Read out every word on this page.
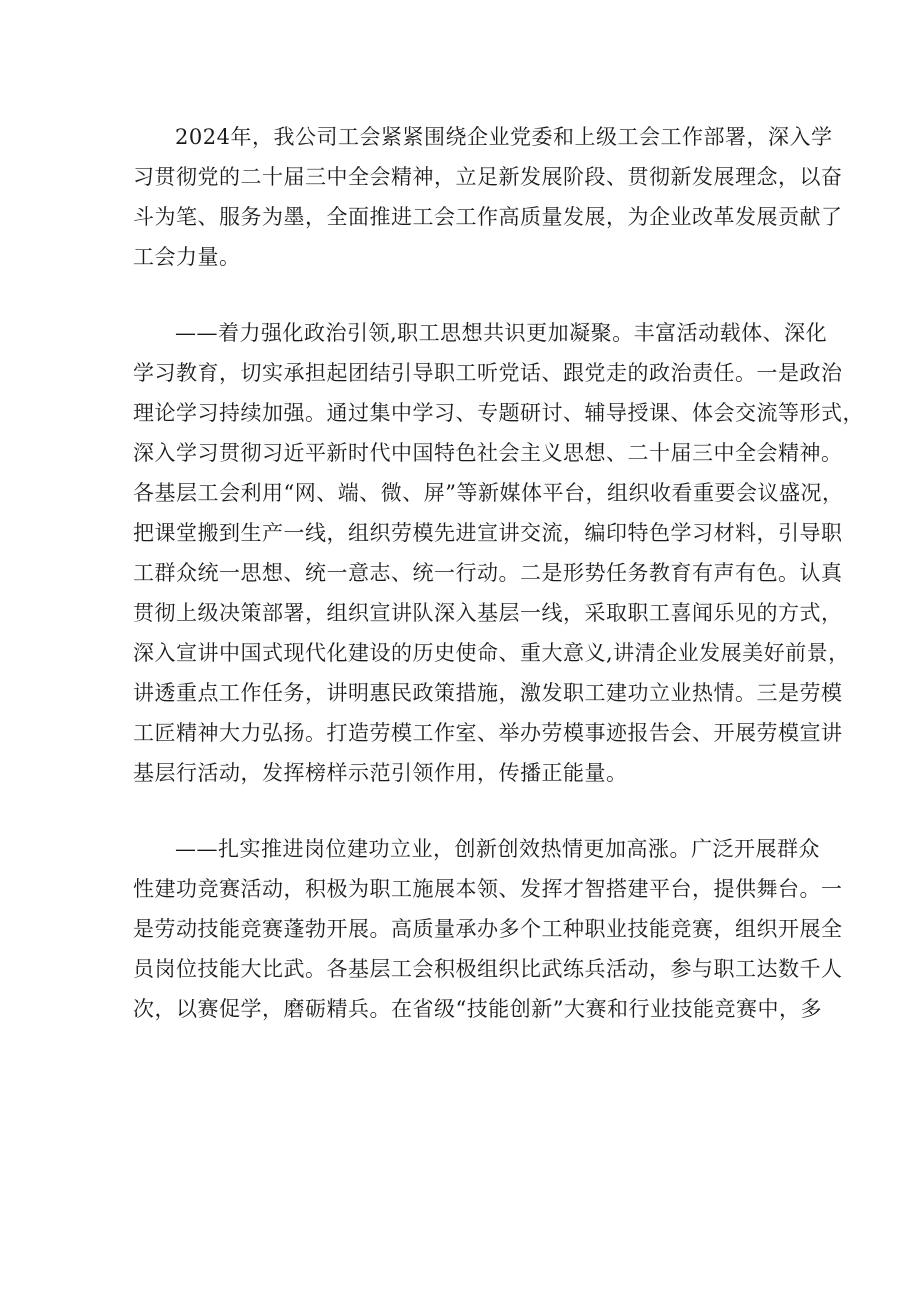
2024年，我公司工会紧紧围绕企业党委和上级工会工作部署，深入学
习贯彻党的二十届三中全会精神，立足新发展阶段、贯彻新发展理念，以奋
斗为笔、服务为墨，全面推进工会工作高质量发展，为企业改革发展贡献了
工会力量。
——着力强化政治引领,职工思想共识更加凝聚。丰富活动载体、深化
学习教育，切实承担起团结引导职工听党话、跟党走的政治责任。一是政治
理论学习持续加强。通过集中学习、专题研讨、辅导授课、体会交流等形式，
深入学习贯彻习近平新时代中国特色社会主义思想、二十届三中全会精神。
各基层工会利用“网、端、微、屏”等新媒体平台，组织收看重要会议盛况，
把课堂搬到生产一线，组织劳模先进宣讲交流，编印特色学习材料，引导职
工群众统一思想、统一意志、统一行动。二是形势任务教育有声有色。认真
贯彻上级决策部署，组织宣讲队深入基层一线，采取职工喜闻乐见的方式，
深入宣讲中国式现代化建设的历史使命、重大意义,讲清企业发展美好前景，
讲透重点工作任务，讲明惠民政策措施，激发职工建功立业热情。三是劳模
工匠精神大力弘扬。打造劳模工作室、举办劳模事迹报告会、开展劳模宣讲
基层行活动，发挥榜样示范引领作用，传播正能量。
——扎实推进岗位建功立业，创新创效热情更加高涨。广泛开展群众
性建功竞赛活动，积极为职工施展本领、发挥才智搭建平台，提供舞台。一
是劳动技能竞赛蓬勃开展。高质量承办多个工种职业技能竞赛，组织开展全
员岗位技能大比武。各基层工会积极组织比武练兵活动，参与职工达数千人
次，以赛促学，磨砺精兵。在省级“技能创新”大赛和行业技能竞赛中，多
